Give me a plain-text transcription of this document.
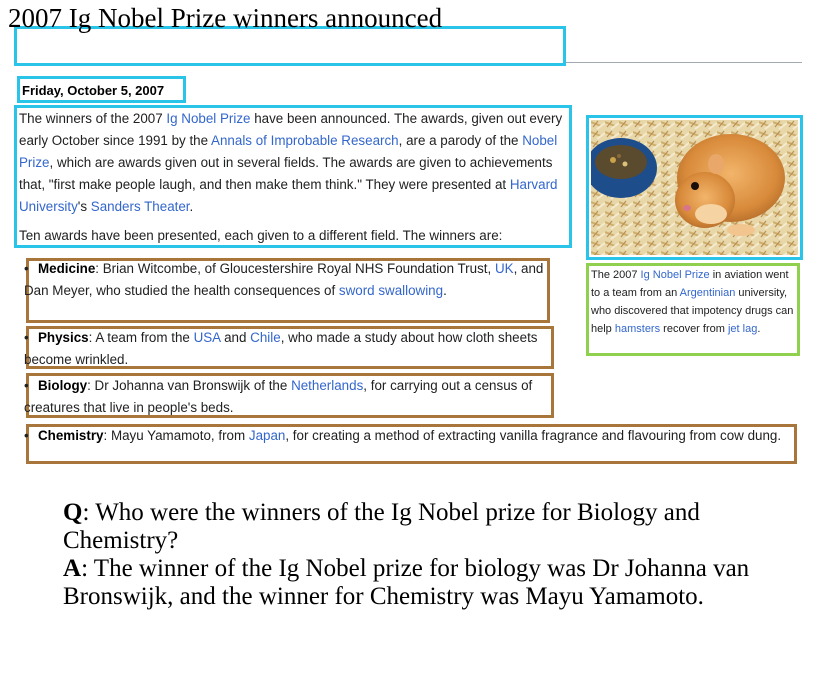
2007 Ig Nobel Prize winners announced
Friday, October 5, 2007
The winners of the 2007 Ig Nobel Prize have been announced. The awards, given out every early October since 1991 by the Annals of Improbable Research, are a parody of the Nobel Prize, which are awards given out in several fields. The awards are given to achievements that, "first make people laugh, and then make them think." They were presented at Harvard University's Sanders Theater.
Ten awards have been presented, each given to a different field. The winners are:
• Medicine: Brian Witcombe, of Gloucestershire Royal NHS Foundation Trust, UK, and Dan Meyer, who studied the health consequences of sword swallowing.
• Physics: A team from the USA and Chile, who made a study about how cloth sheets become wrinkled.
• Biology: Dr Johanna van Bronswijk of the Netherlands, for carrying out a census of creatures that live in people's beds.
• Chemistry: Mayu Yamamoto, from Japan, for creating a method of extracting vanilla fragrance and flavouring from cow dung.
The 2007 Ig Nobel Prize in aviation went to a team from an Argentinian university, who discovered that impotency drugs can help hamsters recover from jet lag.

Q: Who were the winners of the Ig Nobel prize for Biology and Chemistry?

A: The winner of the Ig Nobel prize for biology was Dr Johanna van Bronswijk, and the winner for Chemistry was Mayu Yamamoto.
